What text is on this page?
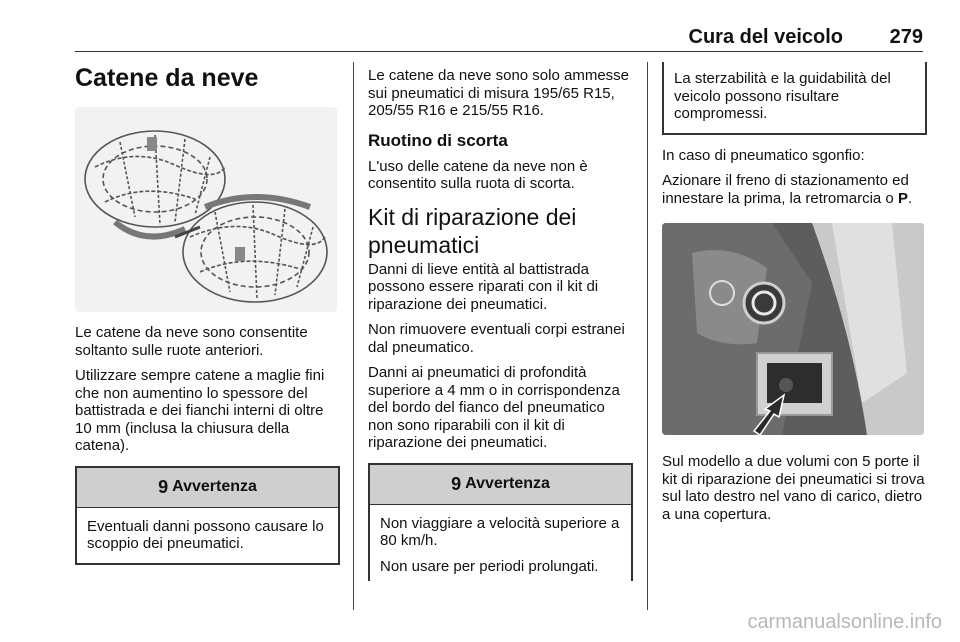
Cura del veicolo 279
Catene da neve
Le catene da neve sono consentite soltanto sulle ruote anteriori.
Utilizzare sempre catene a maglie fini che non aumentino lo spessore del battistrada e dei fianchi interni di oltre 10 mm (inclusa la chiusura della catena).
9 Avvertenza
Eventuali danni possono causare lo scoppio dei pneumatici.
Le catene da neve sono solo ammesse sui pneumatici di misura 195/65 R15, 205/55 R16 e 215/55 R16.
Ruotino di scorta
L'uso delle catene da neve non è consentito sulla ruota di scorta.
Kit di riparazione dei pneumatici
Danni di lieve entità al battistrada possono essere riparati con il kit di riparazione dei pneumatici.
Non rimuovere eventuali corpi estranei dal pneumatico.
Danni ai pneumatici di profondità superiore a 4 mm o in corrispondenza del bordo del fianco del pneumatico non sono riparabili con il kit di riparazione dei pneumatici.
9 Avvertenza
Non viaggiare a velocità superiore a 80 km/h.
Non usare per periodi prolungati.
La sterzabilità e la guidabilità del veicolo possono risultare compromessi.
In caso di pneumatico sgonfio:
Azionare il freno di stazionamento ed innestare la prima, la retromarcia o P.
Sul modello a due volumi con 5 porte il kit di riparazione dei pneumatici si trova sul lato destro nel vano di carico, dietro a una copertura.
carmanualsonline.info
